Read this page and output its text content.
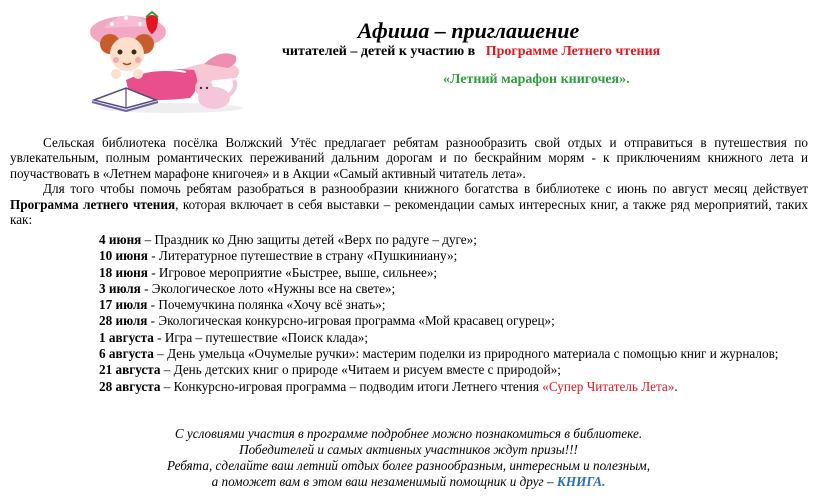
Афиша – приглашение
читателей – детей к участию в Программе Летнего чтения
«Летний марафон книгочея».

Сельская библиотека посёлка Волжский Утёс предлагает ребятам разнообразить свой отдых и отправиться в путешествия по увлекательным, полным романтических переживаний дальним дорогам и по бескрайним морям - к приключениям книжного лета и поучаствовать в «Летнем марафоне книгочея» и в Акции «Самый активный читатель лета».

Для того чтобы помочь ребятам разобраться в разнообразии книжного богатства в библиотеке с июнь по август месяц действует Программа летнего чтения, которая включает в себя выставки – рекомендации самых интересных книг, а также ряд мероприятий, таких как:

4 июня – Праздник ко Дню защиты детей «Верх по радуге – дуге»;

10 июня - Литературное путешествие в страну «Пушкиниану»;

18 июня - Игровое мероприятие «Быстрее, выше, сильнее»;

3 июля - Экологическое лото «Нужны все на свете»;

17 июля - Почемучкина полянка «Хочу всё знать»;

28 июля - Экологическая конкурсно-игровая программа «Мой красавец огурец»;

1 августа - Игра – путешествие «Поиск клада»;

6 августа – День умельца «Очумелые ручки»: мастерим поделки из природного материала с помощью книг и журналов;

21 августа – День детских книг о природе «Читаем и рисуем вместе с природой»;

28 августа – Конкурсно-игровая программа – подводим итоги Летнего чтения «Супер Читатель Лета».

С условиями участия в программе подробнее можно познакомиться в библиотеке.
Победителей и самых активных участников ждут призы!!!
Ребята, сделайте ваш летний отдых более разнообразным, интересным и полезным,
а поможет вам в этом ваш незаменимый помощник и друг – КНИГА.
